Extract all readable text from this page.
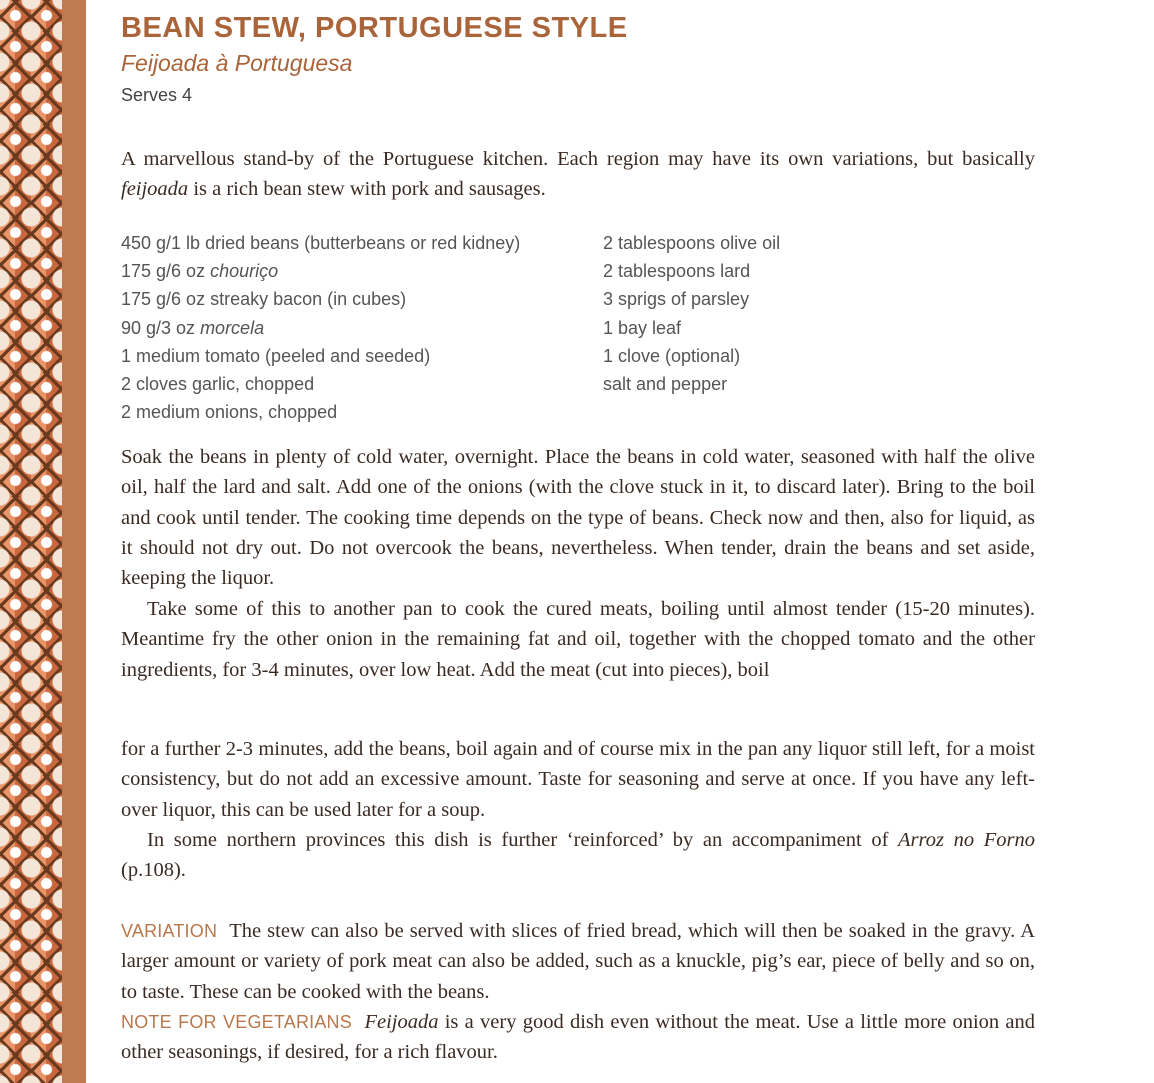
BEAN STEW, PORTUGUESE STYLE
Feijoada à Portuguesa
Serves 4

A marvellous stand-by of the Portuguese kitchen. Each region may have its own variations, but basically feijoada is a rich bean stew with pork and sausages.

450 g/1 lb dried beans (butterbeans or red kidney)
175 g/6 oz chouriço
175 g/6 oz streaky bacon (in cubes)
90 g/3 oz morcela
1 medium tomato (peeled and seeded)
2 cloves garlic, chopped
2 medium onions, chopped
2 tablespoons olive oil
2 tablespoons lard
3 sprigs of parsley
1 bay leaf
1 clove (optional)
salt and pepper

Soak the beans in plenty of cold water, overnight. Place the beans in cold water, seasoned with half the olive oil, half the lard and salt. Add one of the onions (with the clove stuck in it, to discard later). Bring to the boil and cook until tender. The cooking time depends on the type of beans. Check now and then, also for liquid, as it should not dry out. Do not overcook the beans, nevertheless. When tender, drain the beans and set aside, keeping the liquor.

Take some of this to another pan to cook the cured meats, boiling until almost tender (15-20 minutes). Meantime fry the other onion in the remaining fat and oil, together with the chopped tomato and the other ingredients, for 3-4 minutes, over low heat. Add the meat (cut into pieces), boil

for a further 2-3 minutes, add the beans, boil again and of course mix in the pan any liquor still left, for a moist consistency, but do not add an excessive amount. Taste for seasoning and serve at once. If you have any left-over liquor, this can be used later for a soup.

In some northern provinces this dish is further ‘reinforced’ by an accompaniment of Arroz no Forno (p.108).

VARIATION The stew can also be served with slices of fried bread, which will then be soaked in the gravy. A larger amount or variety of pork meat can also be added, such as a knuckle, pig’s ear, piece of belly and so on, to taste. These can be cooked with the beans.

NOTE FOR VEGETARIANS Feijoada is a very good dish even without the meat. Use a little more onion and other seasonings, if desired, for a rich flavour.
